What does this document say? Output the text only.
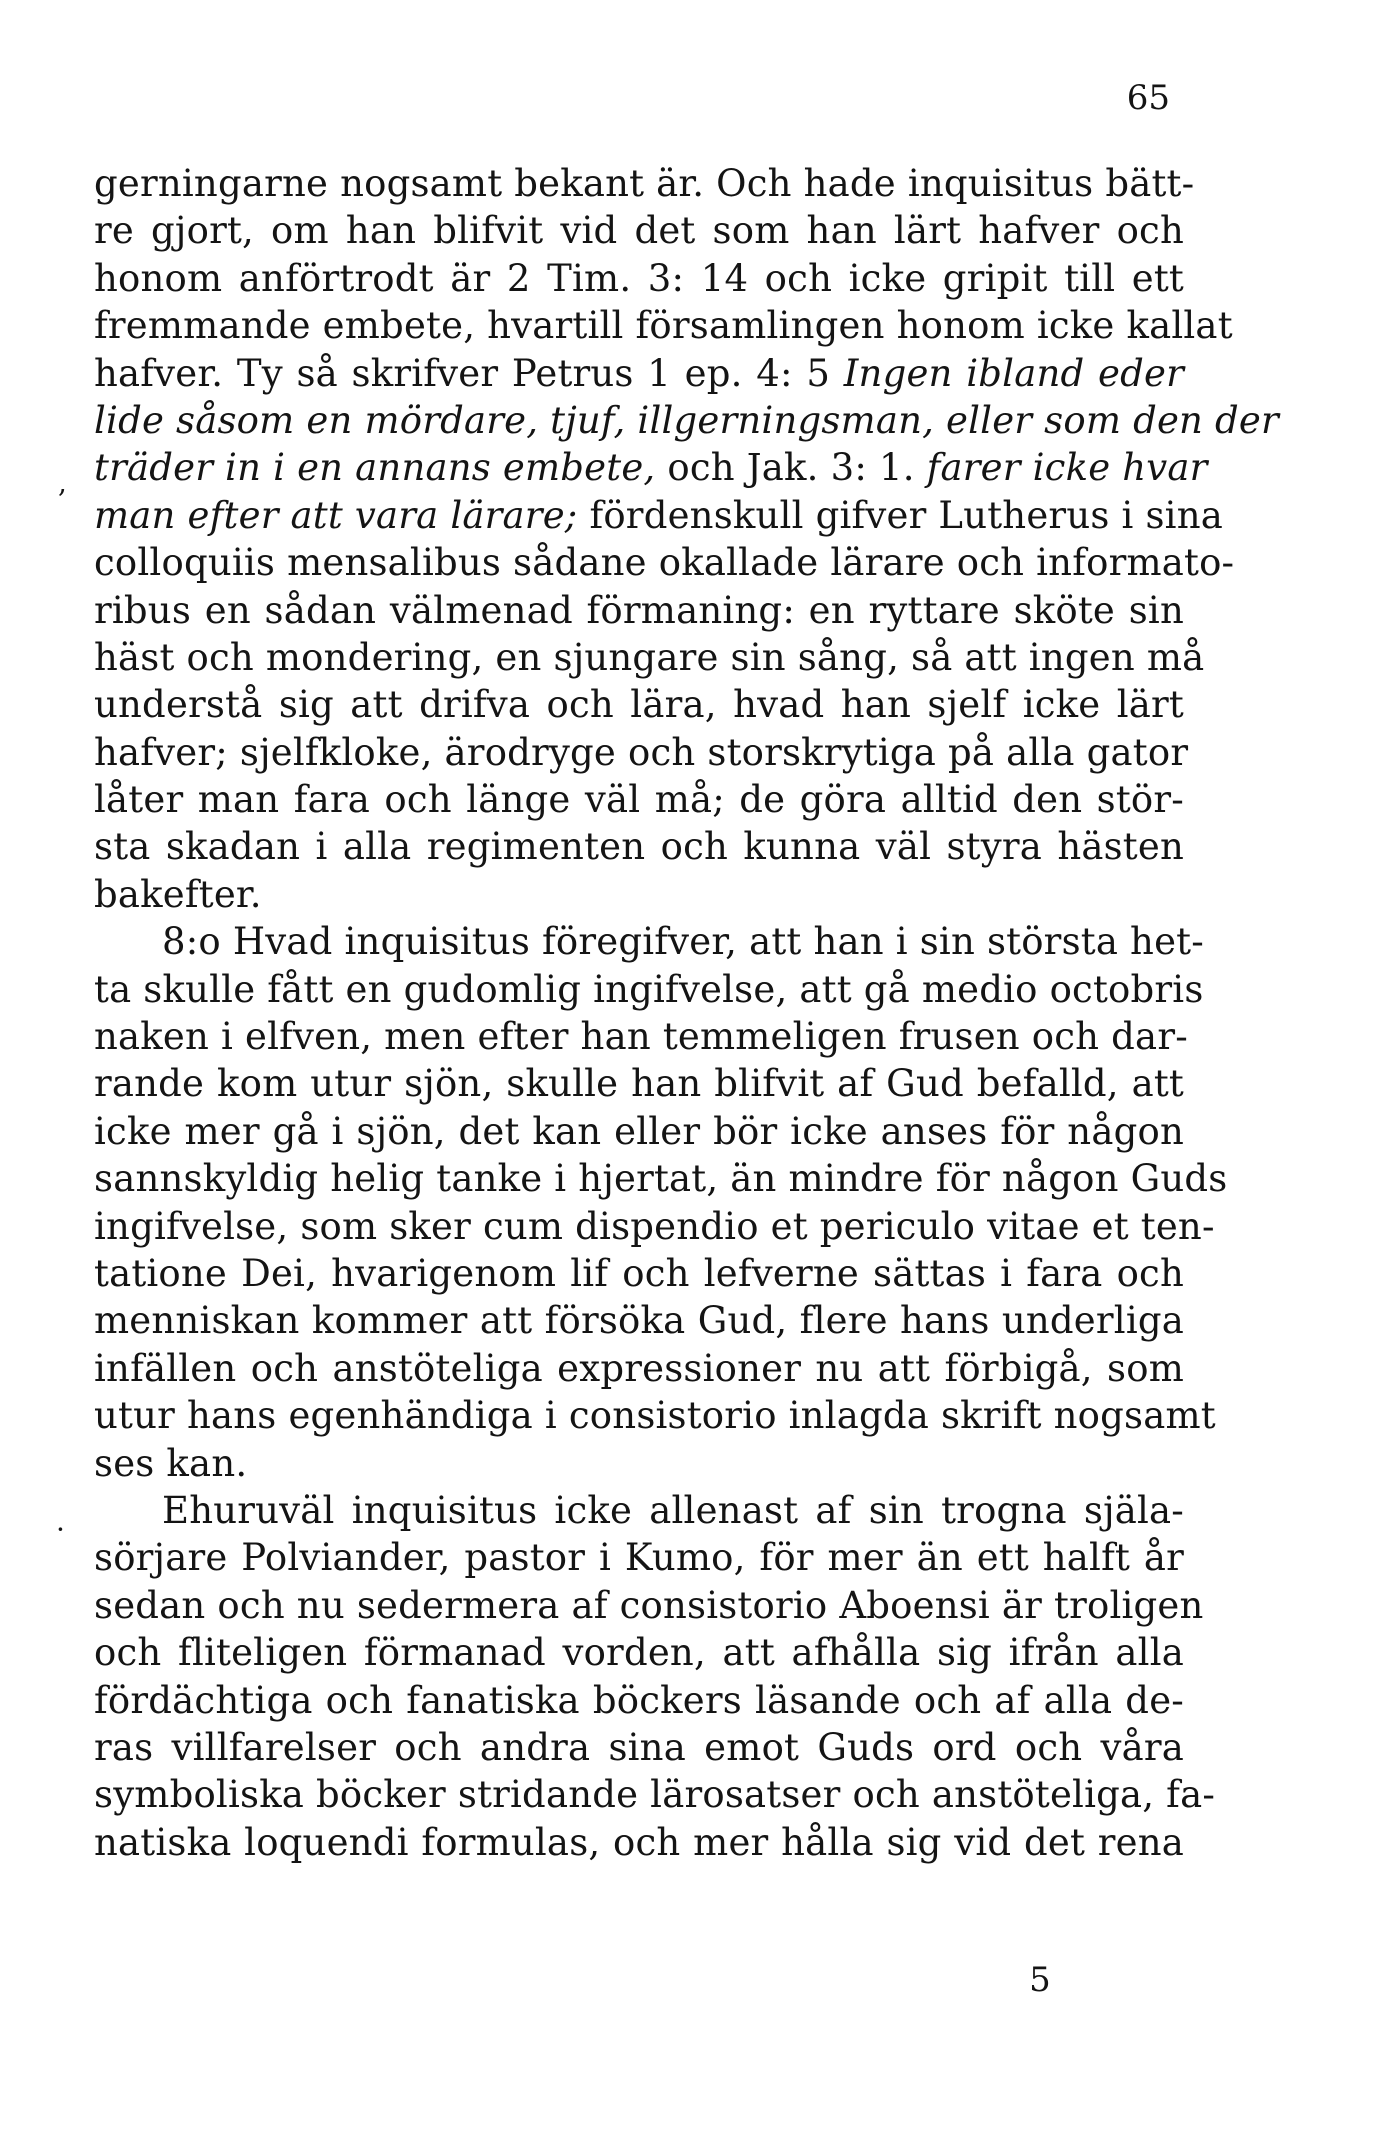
65
,
·
gerningarne nogsamt bekant är. Och hade inquisitus bätt-
re gjort, om han blifvit vid det som han lärt hafver och
honom anförtrodt är 2 Tim. 3: 14 och icke gripit till ett
fremmande embete, hvartill församlingen honom icke kallat
hafver. Ty så skrifver Petrus 1 ep. 4: 5 Ingen ibland eder
lide såsom en mördare, tjuf, illgerningsman, eller som den der
träder in i en annans embete, och Jak. 3: 1. farer icke hvar
man efter att vara lärare; fördenskull gifver Lutherus i sina
colloquiis mensalibus sådane okallade lärare och informato-
ribus en sådan välmenad förmaning: en ryttare sköte sin
häst och mondering, en sjungare sin sång, så att ingen må
understå sig att drifva och lära, hvad han sjelf icke lärt
hafver; sjelfkloke, ärodryge och storskrytiga på alla gator
låter man fara och länge väl må; de göra alltid den stör-
sta skadan i alla regimenten och kunna väl styra hästen
bakefter.
8:o Hvad inquisitus föregifver, att han i sin största het-
ta skulle fått en gudomlig ingifvelse, att gå medio octobris
naken i elfven, men efter han temmeligen frusen och dar-
rande kom utur sjön, skulle han blifvit af Gud befalld, att
icke mer gå i sjön, det kan eller bör icke anses för någon
sannskyldig helig tanke i hjertat, än mindre för någon Guds
ingifvelse, som sker cum dispendio et periculo vitae et ten-
tatione Dei, hvarigenom lif och lefverne sättas i fara och
menniskan kommer att försöka Gud, flere hans underliga
infällen och anstöteliga expressioner nu att förbigå, som
utur hans egenhändiga i consistorio inlagda skrift nogsamt
ses kan.
Ehuruväl inquisitus icke allenast af sin trogna själa-
sörjare Polviander, pastor i Kumo, för mer än ett halft år
sedan och nu sedermera af consistorio Aboensi är troligen
och fliteligen förmanad vorden, att afhålla sig ifrån alla
fördächtiga och fanatiska böckers läsande och af alla de-
ras villfarelser och andra sina emot Guds ord och våra
symboliska böcker stridande lärosatser och anstöteliga, fa-
natiska loquendi formulas, och mer hålla sig vid det rena
5
